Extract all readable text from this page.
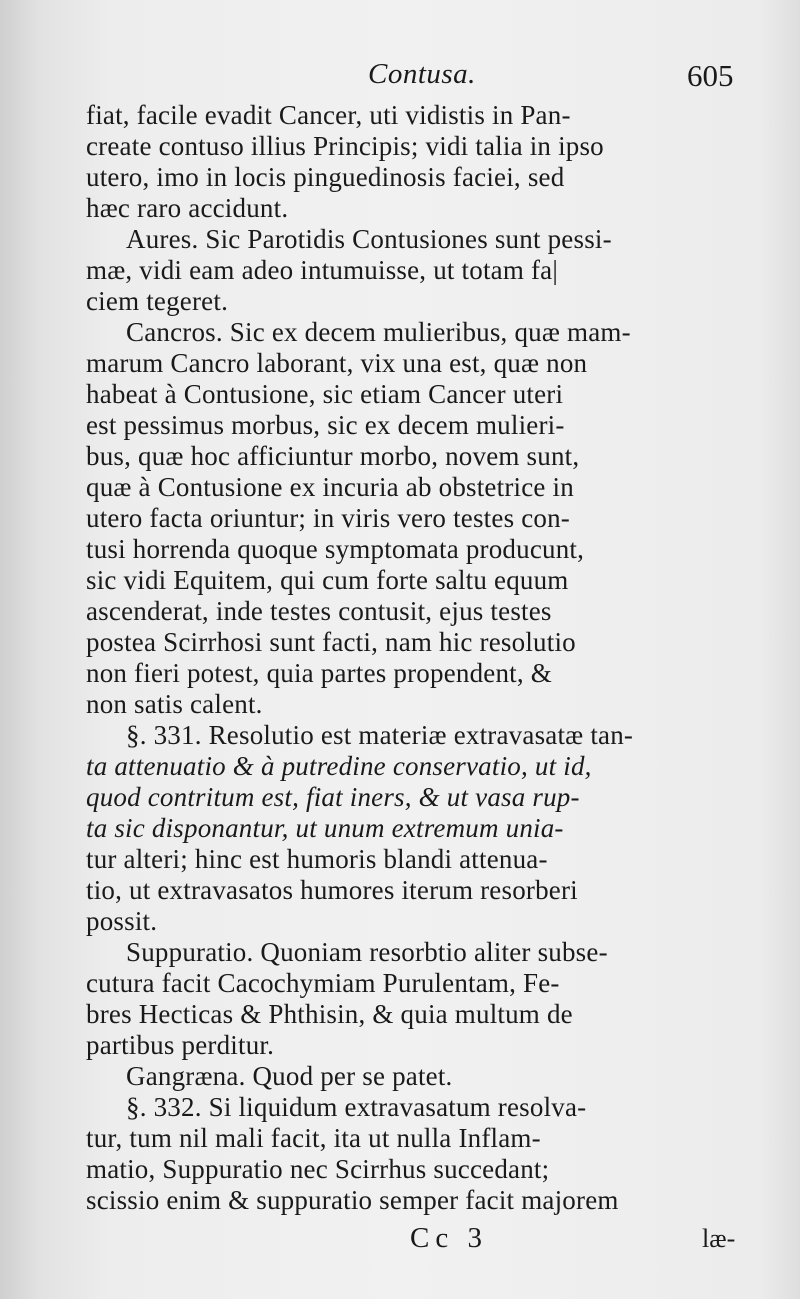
Contusa.	605
fiat, facile evadit Cancer, uti vidistis in Pan-
create contuso illius Principis; vidi talia in ipso
utero, imo in locis pinguedinosis faciei, sed
hæc raro accidunt.
Aures. Sic Parotidis Contusiones sunt pessi-
mæ, vidi eam adeo intumuisse, ut totam fa|
ciem tegeret.
Cancros. Sic ex decem mulieribus, quæ mam-
marum Cancro laborant, vix una est, quæ non
habeat à Contusione, sic etiam Cancer uteri
est pessimus morbus, sic ex decem mulieri-
bus, quæ hoc afficiuntur morbo, novem sunt,
quæ à Contusione ex incuria ab obstetrice in
utero facta oriuntur; in viris vero testes con-
tusi horrenda quoque symptomata producunt,
sic vidi Equitem, qui cum forte saltu equum
ascenderat, inde testes contusit, ejus testes
postea Scirrhosi sunt facti, nam hic resolutio
non fieri potest, quia partes propendent, &
non satis calent.
§. 331. Resolutio est materiæ extravasatæ tan-
ta attenuatio & à putredine conservatio, ut id,
quod contritum est, fiat iners, & ut vasa rup-
ta sic disponantur, ut unum extremum unia-
tur alteri; hinc est humoris blandi attenua-
tio, ut extravasatos humores iterum resorberi
possit.
Suppuratio. Quoniam resorbtio aliter subse-
cutura facit Cacochymiam Purulentam, Fe-
bres Hecticas & Phthisin, & quia multum de
partibus perditur.
Gangræna. Quod per se patet.
§. 332. Si liquidum extravasatum resolva-
tur, tum nil mali facit, ita ut nulla Inflam-
matio, Suppuratio nec Scirrhus succedant;
scissio enim & suppuratio semper facit majorem
Cc 3	læ-
